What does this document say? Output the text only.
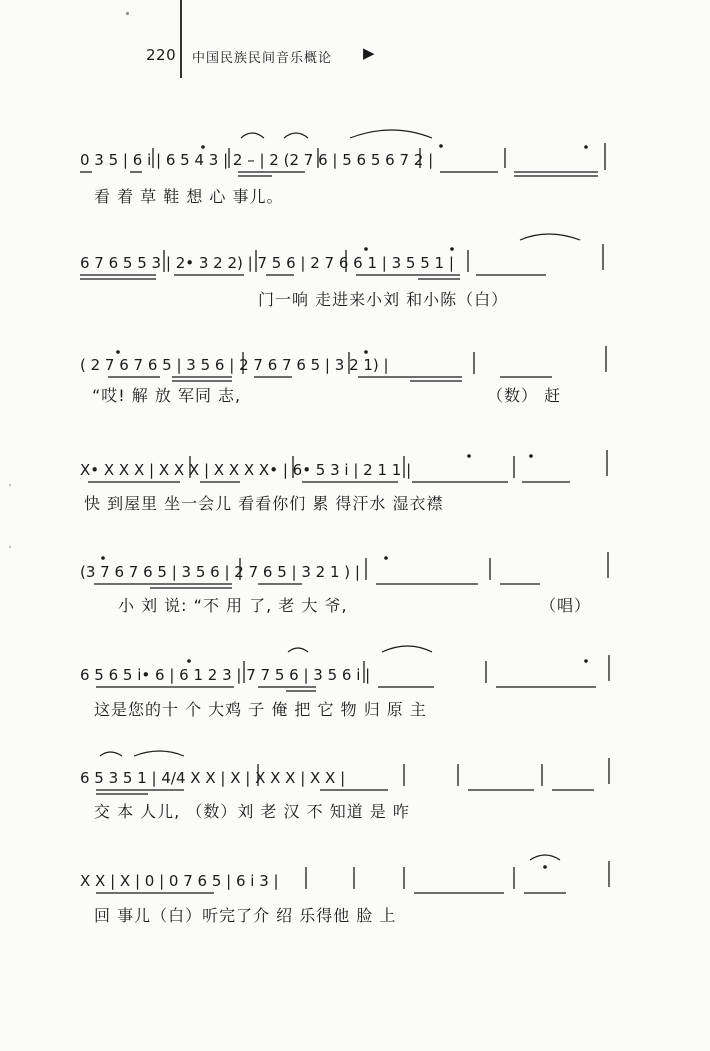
220 中国民族民间音乐概论 ▶
0 3 5 | 6 i | 6 5 4 3 | 2 – | 2 (2 7 6 | 5 6 5 6 7 2 |
6 7 6 5 5 3 | 2• 3 2 2) | 7 5 6 | 2 7 6 6 1 | 3 5 5 1 |
( 2 7 6 7 6 5 | 3 5 6 | 2 7 6 7 6 5 | 3 2 1) |
X• X X X | X X X | X X X X• | 6• 5 3 i | 2 1 1 |
(3 7 6 7 6 5 | 3 5 6 | 2 7 6 5 | 3 2 1 ) |
6 5 6 5 i• 6 | 6 1 2 3 | 7 7 5 6 | 3 5 6 i |
6 5 3 5 1 | 4/4 X X | X | X X X | X X |
X X | X | 0 | 0 7 6 5 | 6 i 3 |
看 着 草 鞋 想 心 事儿。
门一响 走进来小刘 和小陈（白）
“哎! 解 放 军同 志,	（数） 赶
快 到屋里 坐一会儿 看看你们 累 得汗水 湿衣襟
小 刘 说: “不 用 了, 老 大 爷,	（唱）
这是您的十 个 大鸡 子 俺 把 它 物 归 原 主
交 本 人儿, （数）刘 老 汉 不 知道 是 咋
回 事儿（白）听完了介 绍 乐得他 脸 上
